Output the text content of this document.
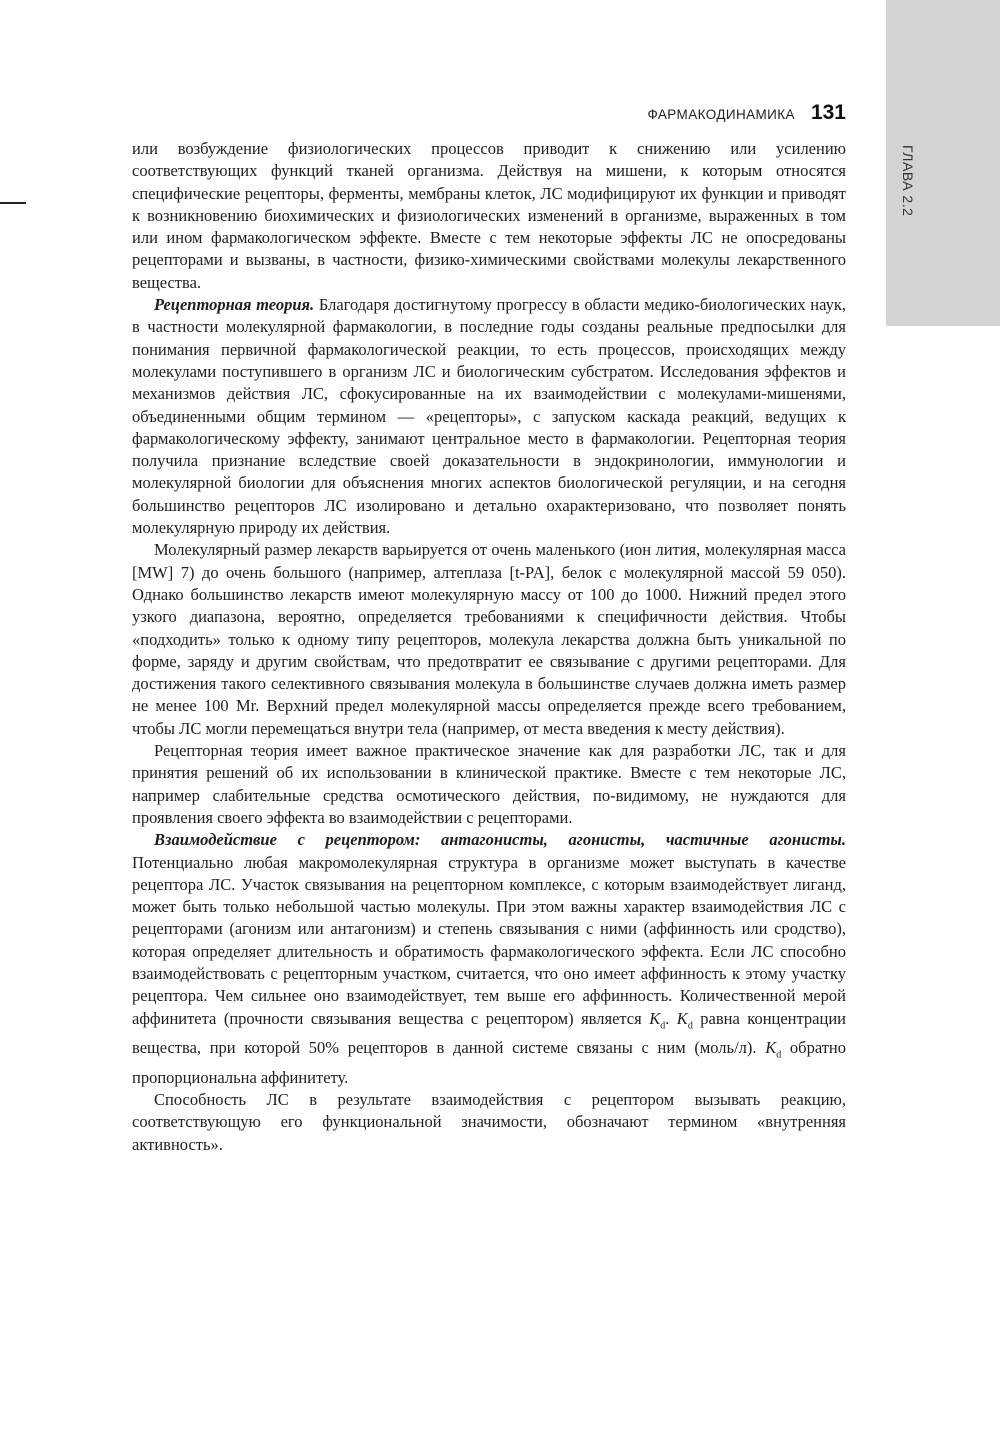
ГЛАВА 2.2
ФАРМАКОДИНАМИКА 131

или возбуждение физиологических процессов приводит к снижению или усилению соответствующих функций тканей организма. Действуя на мишени, к которым относятся специфические рецепторы, ферменты, мембраны клеток, ЛС модифицируют их функции и приводят к возникновению биохимических и физиологических изменений в организме, выраженных в том или ином фармакологическом эффекте. Вместе с тем некоторые эффекты ЛС не опосредованы рецепторами и вызваны, в частности, физико-химическими свойствами молекулы лекарственного вещества.

Рецепторная теория. Благодаря достигнутому прогрессу в области медико-биологических наук, в частности молекулярной фармакологии, в последние годы созданы реальные предпосылки для понимания первичной фармакологической реакции, то есть процессов, происходящих между молекулами поступившего в организм ЛС и биологическим субстратом. Исследования эффектов и механизмов действия ЛС, сфокусированные на их взаимодействии с молекулами-мишенями, объединенными общим термином — «рецепторы», с запуском каскада реакций, ведущих к фармакологическому эффекту, занимают центральное место в фармакологии. Рецепторная теория получила признание вследствие своей доказательности в эндокринологии, иммунологии и молекулярной биологии для объяснения многих аспектов биологической регуляции, и на сегодня большинство рецепторов ЛС изолировано и детально охарактеризовано, что позволяет понять молекулярную природу их действия.

Молекулярный размер лекарств варьируется от очень маленького (ион лития, молекулярная масса [MW] 7) до очень большого (например, алтеплаза [t-PA], белок с молекулярной массой 59 050). Однако большинство лекарств имеют молекулярную массу от 100 до 1000. Нижний предел этого узкого диапазона, вероятно, определяется требованиями к специфичности действия. Чтобы «подходить» только к одному типу рецепторов, молекула лекарства должна быть уникальной по форме, заряду и другим свойствам, что предотвратит ее связывание с другими рецепторами. Для достижения такого селективного связывания молекула в большинстве случаев должна иметь размер не менее 100 Mr. Верхний предел молекулярной массы определяется прежде всего требованием, чтобы ЛС могли перемещаться внутри тела (например, от места введения к месту действия).

Рецепторная теория имеет важное практическое значение как для разработки ЛС, так и для принятия решений об их использовании в клинической практике. Вместе с тем некоторые ЛС, например слабительные средства осмотического действия, по-видимому, не нуждаются для проявления своего эффекта во взаимодействии с рецепторами.

Взаимодействие с рецептором: антагонисты, агонисты, частичные агонисты. Потенциально любая макромолекулярная структура в организме может выступать в качестве рецептора ЛС. Участок связывания на рецепторном комплексе, с которым взаимодействует лиганд, может быть только небольшой частью молекулы. При этом важны характер взаимодействия ЛС с рецепторами (агонизм или антагонизм) и степень связывания с ними (аффинность или сродство), которая определяет длительность и обратимость фармакологического эффекта. Если ЛС способно взаимодействовать с рецепторным участком, считается, что оно имеет аффинность к этому участку рецептора. Чем сильнее оно взаимодействует, тем выше его аффинность. Количественной мерой аффинитета (прочности связывания вещества с рецептором) является $K_d$. $K_d$ равна концентрации вещества, при которой 50% рецепторов в данной системе связаны с ним (моль/л). $K_d$ обратно пропорциональна аффинитету.

Способность ЛС в результате взаимодействия с рецептором вызывать реакцию, соответствующую его функциональной значимости, обозначают термином «внутренняя активность».
